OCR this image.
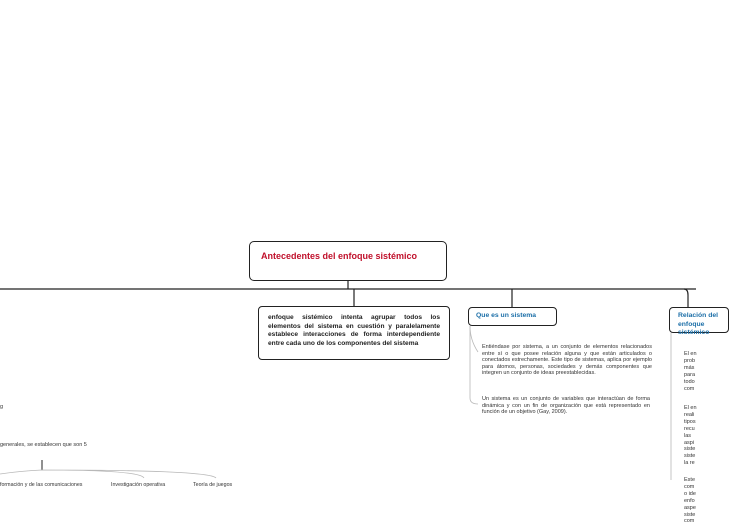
Antecedentes del enfoque sistémico
enfoque sistémico intenta agrupar todos los elementos del sistema en cuestión y paralelamente establece interacciones de forma interdependiente entre cada uno de los componentes del sistema
Que es un sistema
Entiéndase por sistema, a un conjunto de elementos relacionados entre sí o que posee relación alguna y que están articulados o conectados estrechamente. Este tipo de sistemas, aplica por ejemplo para átomos, personas, sociedades y demás componentes que integren un conjunto de ideas preestablecidas.
Un sistema es un conjunto de variables que interactúan de forma dinámica y con un fin de organización que está representado en función de un objetivo (Gay, 2009).
Relación del enfoque sistémico
El en
prob
más
para
todo
com
El en
reali
tipos
recu
las
aspi
siste
siste
la re
Este
com
o ide
enfo
aspe
siste
com
g
generales, se establecen que son 5
formación y de las comunicaciones	Investigación operativa	Teoría de juegos
